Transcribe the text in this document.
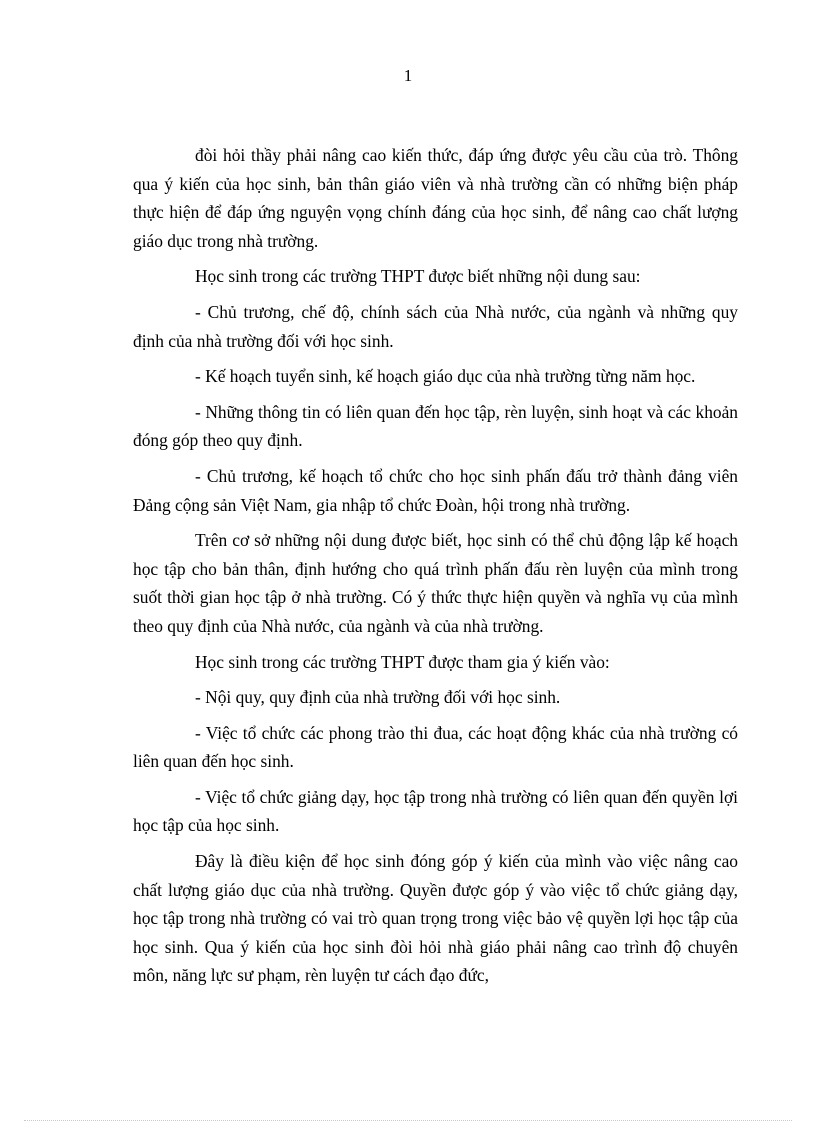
1

đòi hỏi thầy phải nâng cao kiến thức, đáp ứng được yêu cầu của trò. Thông qua ý kiến của học sinh, bản thân giáo viên và nhà trường cần có những biện pháp thực hiện để đáp ứng nguyện vọng chính đáng của học sinh, để nâng cao chất lượng giáo dục trong nhà trường.

Học sinh trong các trường THPT được biết những nội dung sau:

- Chủ trương, chế độ, chính sách của Nhà nước, của ngành và những quy định của nhà trường đối với học sinh.

- Kế hoạch tuyển sinh, kế hoạch giáo dục của nhà trường từng năm học.

- Những thông tin có liên quan đến học tập, rèn luyện, sinh hoạt và các khoản đóng góp theo quy định.

- Chủ trương, kế hoạch tổ chức cho học sinh phấn đấu trở thành đảng viên Đảng cộng sản Việt Nam, gia nhập tổ chức Đoàn, hội trong nhà trường.

Trên cơ sở những nội dung được biết, học sinh có thể chủ động lập kế hoạch học tập cho bản thân, định hướng cho quá trình phấn đấu rèn luyện của mình trong suốt thời gian học tập ở nhà trường. Có ý thức thực hiện quyền và nghĩa vụ của mình theo quy định của Nhà nước, của ngành và của nhà trường.

Học sinh trong các trường THPT được tham gia ý kiến vào:

- Nội quy, quy định của nhà trường đối với học sinh.

- Việc tổ chức các phong trào thi đua, các hoạt động khác của nhà trường có liên quan đến học sinh.

- Việc tổ chức giảng dạy, học tập trong nhà trường có liên quan đến quyền lợi học tập của học sinh.

Đây là điều kiện để học sinh đóng góp ý kiến của mình vào việc nâng cao chất lượng giáo dục của nhà trường. Quyền được góp ý vào việc tổ chức giảng dạy, học tập trong nhà trường có vai trò quan trọng trong việc bảo vệ quyền lợi học tập của học sinh. Qua ý kiến của học sinh đòi hỏi nhà giáo phải nâng cao trình độ chuyên môn, năng lực sư phạm, rèn luyện tư cách đạo đức,
